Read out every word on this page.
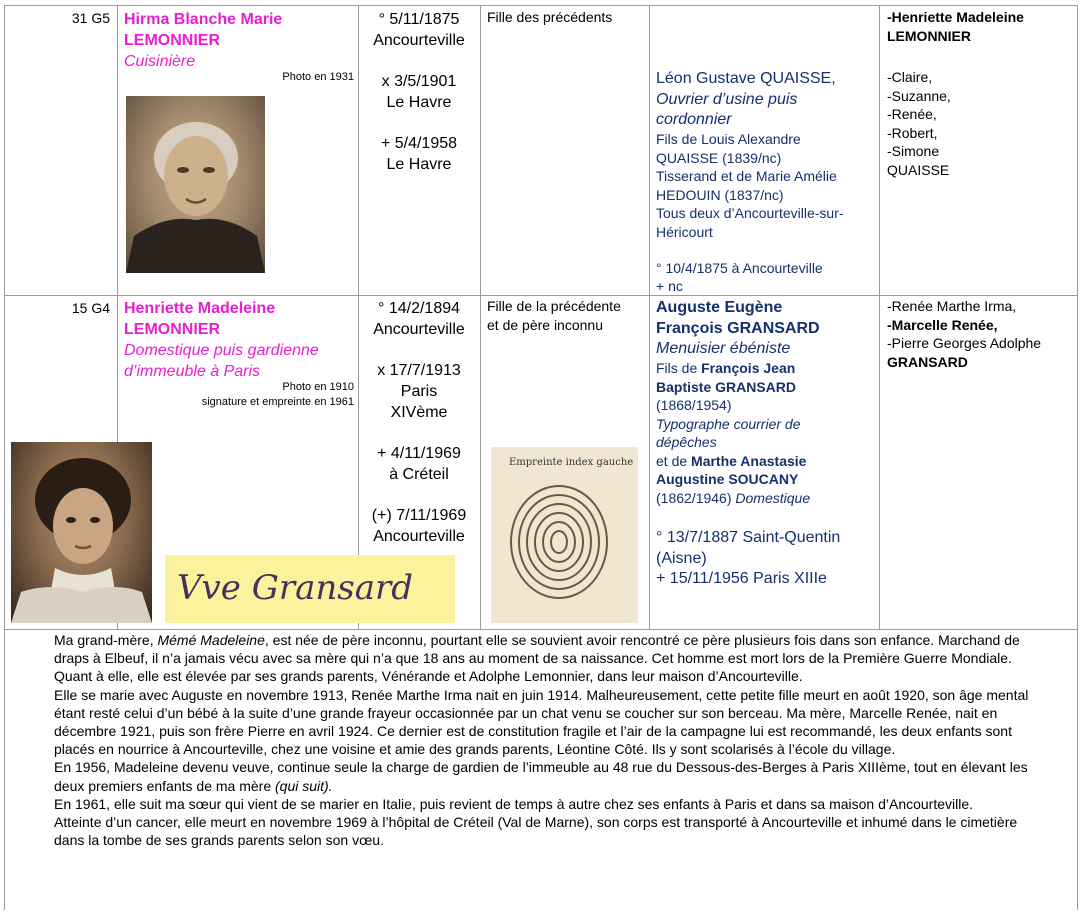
31 G5 Hirma Blanche Marie
LEMONNIER
Cuisinière
Photo en 1931
° 5/11/1875
Ancourteville
x 3/5/1901
Le Havre
+ 5/4/1958
Le Havre
Fille des précédents
Léon Gustave QUAISSE,
Ouvrier d’usine puis
cordonnier
Fils de Louis Alexandre
QUAISSE (1839/nc)
Tisserand et de Marie Amélie
HEDOUIN (1837/nc)
Tous deux d’Ancourteville-sur-
Héricourt
° 10/4/1875 à Ancourteville
+ nc
-Henriette Madeleine
LEMONNIER
-Claire,
-Suzanne,
-Renée,
-Robert,
-Simone
QUAISSE
15 G4 Henriette Madeleine
LEMONNIER
Domestique puis gardienne
d’immeuble à Paris
Photo en 1910
signature et empreinte en 1961
Vve Gransard
Empreinte index gauche
° 14/2/1894
Ancourteville
x 17/7/1913
Paris
XIVème
+ 4/11/1969
à Créteil
(+) 7/11/1969
Ancourteville
Fille de la précédente
et de père inconnu
Auguste Eugène
François GRANSARD
Menuisier ébéniste
Fils de François Jean
Baptiste GRANSARD
(1868/1954)
Typographe courrier de
dépêches
et de Marthe Anastasie
Augustine SOUCANY
(1862/1946) Domestique
° 13/7/1887 Saint-Quentin
(Aisne)
+ 15/11/1956 Paris XIIIe
-Renée Marthe Irma,
-Marcelle Renée,
-Pierre Georges Adolphe
GRANSARD

Ma grand-mère, Mémé Madeleine, est née de père inconnu, pourtant elle se souvient avoir rencontré ce père plusieurs fois dans son enfance. Marchand de draps à Elbeuf, il n’a jamais vécu avec sa mère qui n’a que 18 ans au moment de sa naissance. Cet homme est mort lors de la Première Guerre Mondiale. Quant à elle, elle est élevée par ses grands parents, Vénérande et Adolphe Lemonnier, dans leur maison d’Ancourteville.

Elle se marie avec Auguste en novembre 1913, Renée Marthe Irma nait en juin 1914. Malheureusement, cette petite fille meurt en août 1920, son âge mental étant resté celui d’un bébé à la suite d’une grande frayeur occasionnée par un chat venu se coucher sur son berceau. Ma mère, Marcelle Renée, nait en décembre 1921, puis son frère Pierre en avril 1924. Ce dernier est de constitution fragile et l’air de la campagne lui est recommandé, les deux enfants sont placés en nourrice à Ancourteville, chez une voisine et amie des grands parents, Léontine Côté. Ils y sont scolarisés à l’école du village.

En 1956, Madeleine devenu veuve, continue seule la charge de gardien de l’immeuble au 48 rue du Dessous-des-Berges à Paris XIIIème, tout en élevant les deux premiers enfants de ma mère (qui suit).

En 1961, elle suit ma sœur qui vient de se marier en Italie, puis revient de temps à autre chez ses enfants à Paris et dans sa maison d’Ancourteville.

Atteinte d’un cancer, elle meurt en novembre 1969 à l’hôpital de Créteil (Val de Marne), son corps est transporté à Ancourteville et inhumé dans le cimetière dans la tombe de ses grands parents selon son vœu.
